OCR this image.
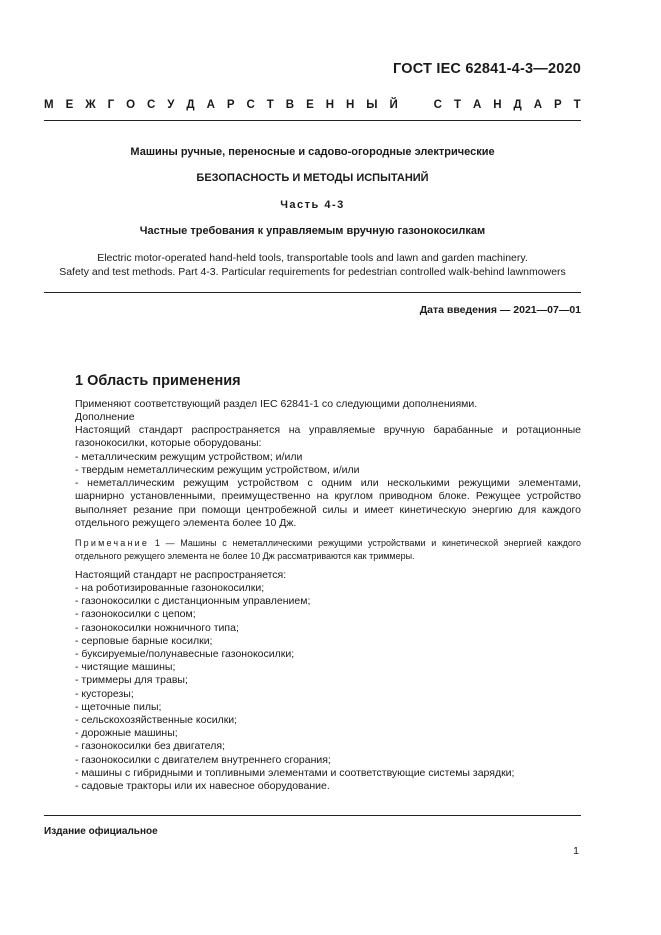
ГОСТ IEC 62841-4-3—2020
М Е Ж Г О С У Д А Р С Т В Е Н Н Ы Й	С Т А Н Д А Р Т
Машины ручные, переносные и садово-огородные электрические
БЕЗОПАСНОСТЬ И МЕТОДЫ ИСПЫТАНИЙ
Часть 4-3
Частные требования к управляемым вручную газонокосилкам
Electric motor-operated hand-held tools, transportable tools and lawn and garden machinery.
Safety and test methods. Part 4-3. Particular requirements for pedestrian controlled walk-behind lawnmowers
Дата введения — 2021—07—01
1 Область применения
Применяют соответствующий раздел IEC 62841-1 со следующими дополнениями.
Дополнение
Настоящий стандарт распространяется на управляемые вручную барабанные и ротационные газонокосилки, которые оборудованы:
- металлическим режущим устройством; и/или
- твердым неметаллическим режущим устройством, и/или
- неметаллическим режущим устройством с одним или несколькими режущими элементами, шарнирно установленными, преимущественно на круглом приводном блоке. Режущее устройство выполняет резание при помощи центробежной силы и имеет кинетическую энергию для каждого отдельного режущего элемента более 10 Дж.
Примечание 1 — Машины с неметаллическими режущими устройствами и кинетической энергией каждого отдельного режущего элемента не более 10 Дж рассматриваются как триммеры.
Настоящий стандарт не распространяется:
- на роботизированные газонокосилки;
- газонокосилки с дистанционным управлением;
- газонокосилки с цепом;
- газонокосилки ножничного типа;
- серповые барные косилки;
- буксируемые/полунавесные газонокосилки;
- чистящие машины;
- триммеры для травы;
- кусторезы;
- щеточные пилы;
- сельскохозяйственные косилки;
- дорожные машины;
- газонокосилки без двигателя;
- газонокосилки с двигателем внутреннего сгорания;
- машины с гибридными и топливными элементами и соответствующие системы зарядки;
- садовые тракторы или их навесное оборудование.
Издание официальное
1
